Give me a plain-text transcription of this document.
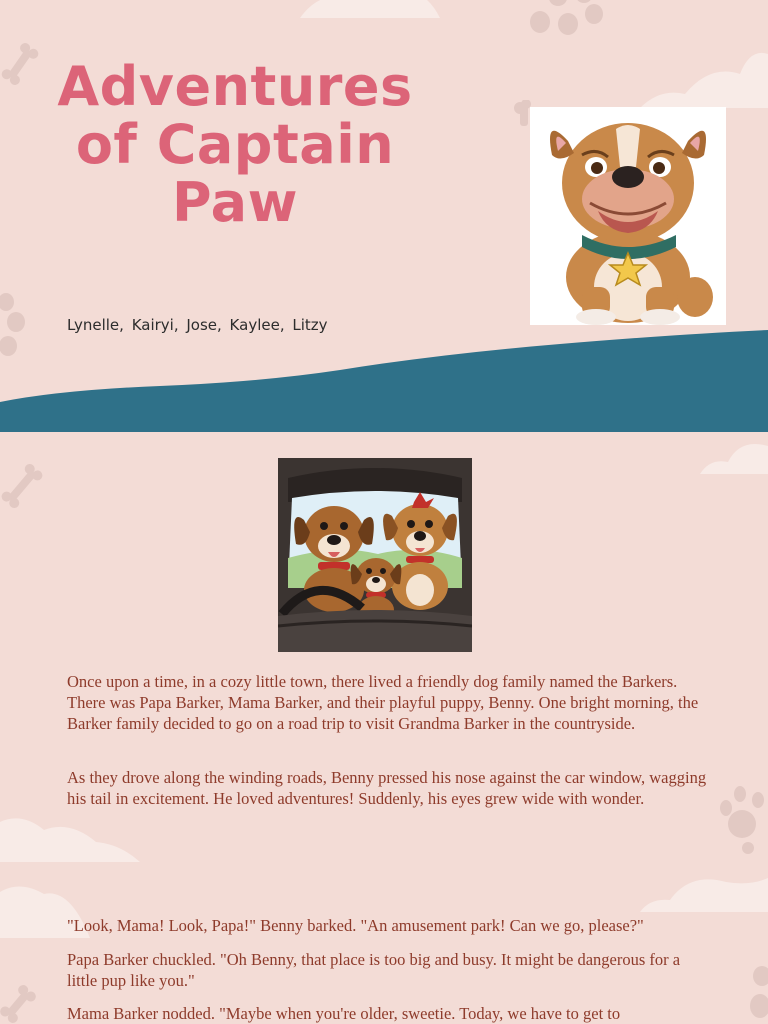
Adventures of Captain Paw
Lynelle, Kairyi, Jose, Kaylee, Litzy

Once upon a time, in a cozy little town, there lived a friendly dog family named the Barkers. There was Papa Barker, Mama Barker, and their playful puppy, Benny. One bright morning, the Barker family decided to go on a road trip to visit Grandma Barker in the countryside.

As they drove along the winding roads, Benny pressed his nose against the car window, wagging his tail in excitement. He loved adventures! Suddenly, his eyes grew wide with wonder.

"Look, Mama! Look, Papa!" Benny barked. "An amusement park! Can we go, please?"

Papa Barker chuckled. "Oh Benny, that place is too big and busy. It might be dangerous for a little pup like you."

Mama Barker nodded. "Maybe when you're older, sweetie. Today, we have to get to
